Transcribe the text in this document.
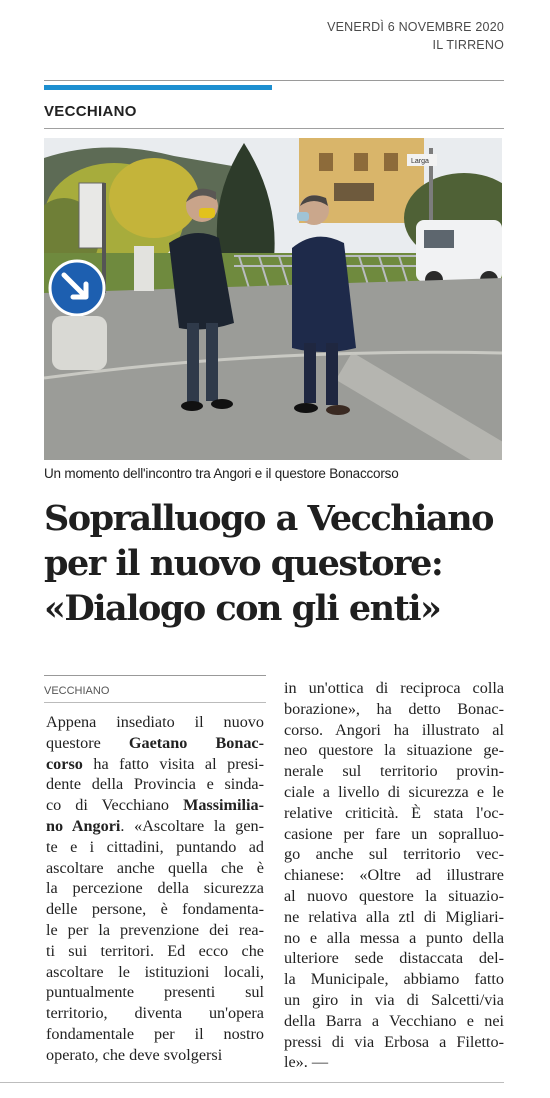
VENERDÌ 6 NOVEMBRE 2020
IL TIRRENO
VECCHIANO
Larga
Un momento dell'incontro tra Angori e il questore Bonaccorso
Sopralluogo a Vecchiano
per il nuovo questore:
«Dialogo con gli enti»
VECCHIANO
Appena insediato il nuovo
questore Gaetano Bonac-
corso ha fatto visita al presi-
dente della Provincia e sinda-
co di Vecchiano Massimilia-
no Angori. «Ascoltare la gen-
te e i cittadini, puntando ad
ascoltare anche quella che è
la percezione della sicurezza
delle persone, è fondamenta-
le per la prevenzione dei rea-
ti sui territori. Ed ecco che
ascoltare le istituzioni locali,
puntualmente presenti sul
territorio, diventa un'opera
fondamentale per il nostro
operato, che deve svolgersi
in un'ottica di reciproca colla
borazione», ha detto Bonac-
corso. Angori ha illustrato al
neo questore la situazione ge-
nerale sul territorio provin-
ciale a livello di sicurezza e le
relative criticità. È stata l'oc-
casione per fare un sopralluo-
go anche sul territorio vec-
chianese: «Oltre ad illustrare
al nuovo questore la situazio-
ne relativa alla ztl di Migliari-
no e alla messa a punto della
ulteriore sede distaccata del-
la Municipale, abbiamo fatto
un giro in via di Salcetti/via
della Barra a Vecchiano e nei
pressi di via Erbosa a Filetto-
le». —
